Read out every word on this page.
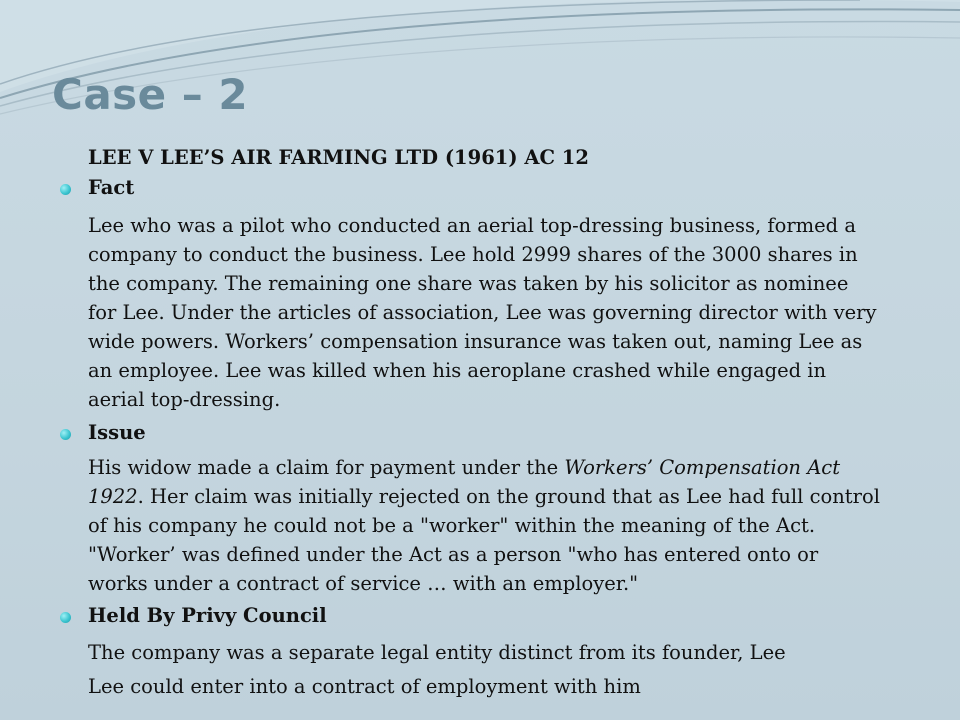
Case – 2
LEE V LEE’S AIR FARMING LTD (1961) AC 12
Fact
Lee who was a pilot who conducted an aerial top-dressing business, formed a
company to conduct the business. Lee hold 2999 shares of the 3000 shares in
the company. The remaining one share was taken by his solicitor as nominee
for Lee. Under the articles of association, Lee was governing director with very
wide powers. Workers’ compensation insurance was taken out, naming Lee as
an employee. Lee was killed when his aeroplane crashed while engaged in
aerial top-dressing.
Issue
His widow made a claim for payment under the Workers’ Compensation Act
1922. Her claim was initially rejected on the ground that as Lee had full control
of his company he could not be a "worker" within the meaning of the Act.
"Worker’ was defined under the Act as a person "who has entered onto or
works under a contract of service … with an employer."
Held By Privy Council
The company was a separate legal entity distinct from its founder, Lee
Lee could enter into a contract of employment with him
